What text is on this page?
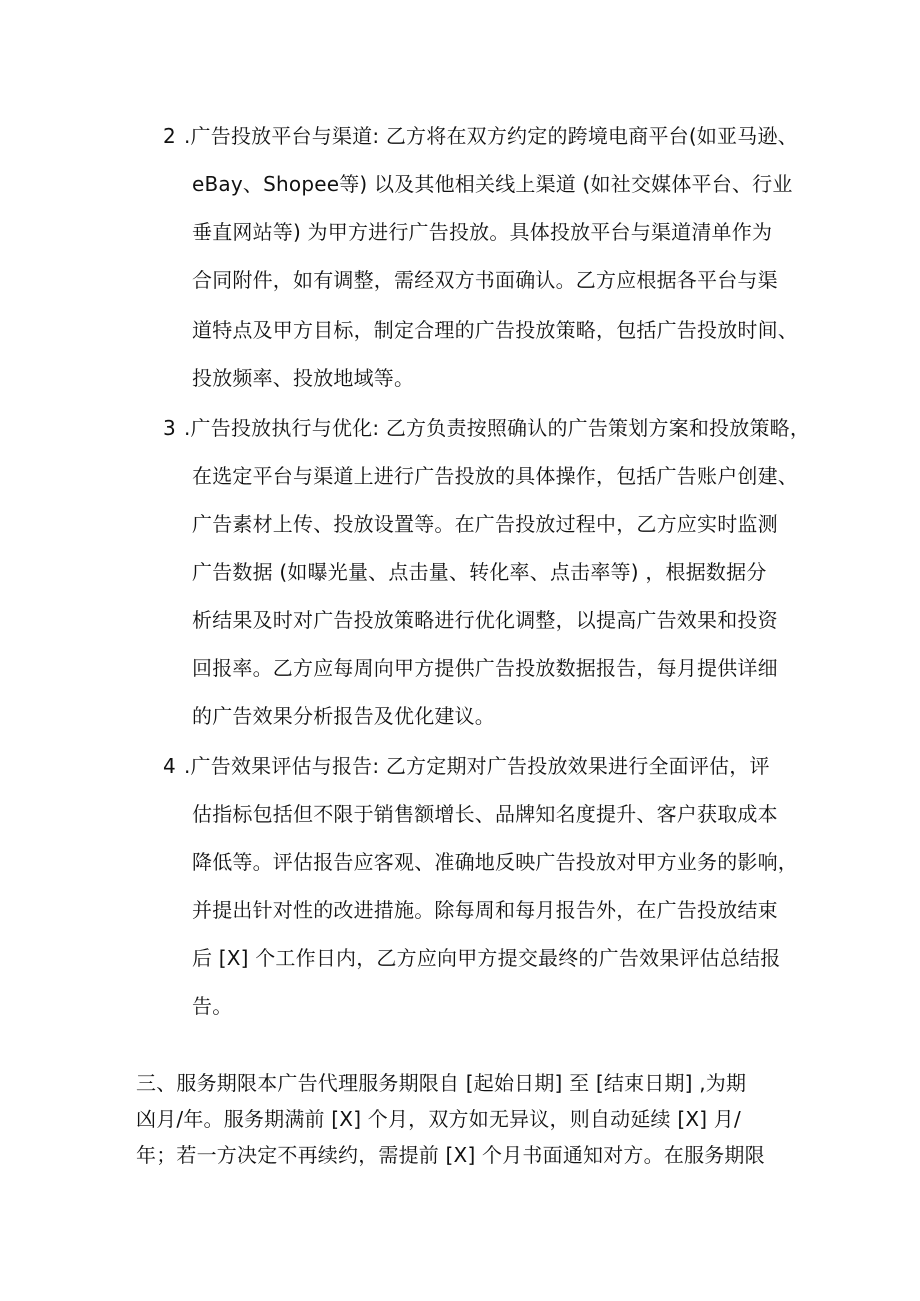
2 .广告投放平台与渠道: 乙方将在双方约定的跨境电商平台(如亚马逊、
eBay、Shopee等) 以及其他相关线上渠道 (如社交媒体平台、行业
垂直网站等) 为甲方进行广告投放。具体投放平台与渠道清单作为
合同附件，如有调整，需经双方书面确认。乙方应根据各平台与渠
道特点及甲方目标，制定合理的广告投放策略，包括广告投放时间、
投放频率、投放地域等。
3 .广告投放执行与优化: 乙方负责按照确认的广告策划方案和投放策略，
在选定平台与渠道上进行广告投放的具体操作，包括广告账户创建、
广告素材上传、投放设置等。在广告投放过程中，乙方应实时监测
广告数据 (如曝光量、点击量、转化率、点击率等) ，根据数据分
析结果及时对广告投放策略进行优化调整，以提高广告效果和投资
回报率。乙方应每周向甲方提供广告投放数据报告，每月提供详细
的广告效果分析报告及优化建议。
4 .广告效果评估与报告: 乙方定期对广告投放效果进行全面评估，评
估指标包括但不限于销售额增长、品牌知名度提升、客户获取成本
降低等。评估报告应客观、准确地反映广告投放对甲方业务的影响，
并提出针对性的改进措施。除每周和每月报告外，在广告投放结束
后 [X] 个工作日内，乙方应向甲方提交最终的广告效果评估总结报
告。
三、服务期限本广告代理服务期限自 [起始日期] 至 [结束日期] ,为期
凶月/年。服务期满前 [X] 个月，双方如无异议，则自动延续 [X] 月/
年；若一方决定不再续约，需提前 [X] 个月书面通知对方。在服务期限
